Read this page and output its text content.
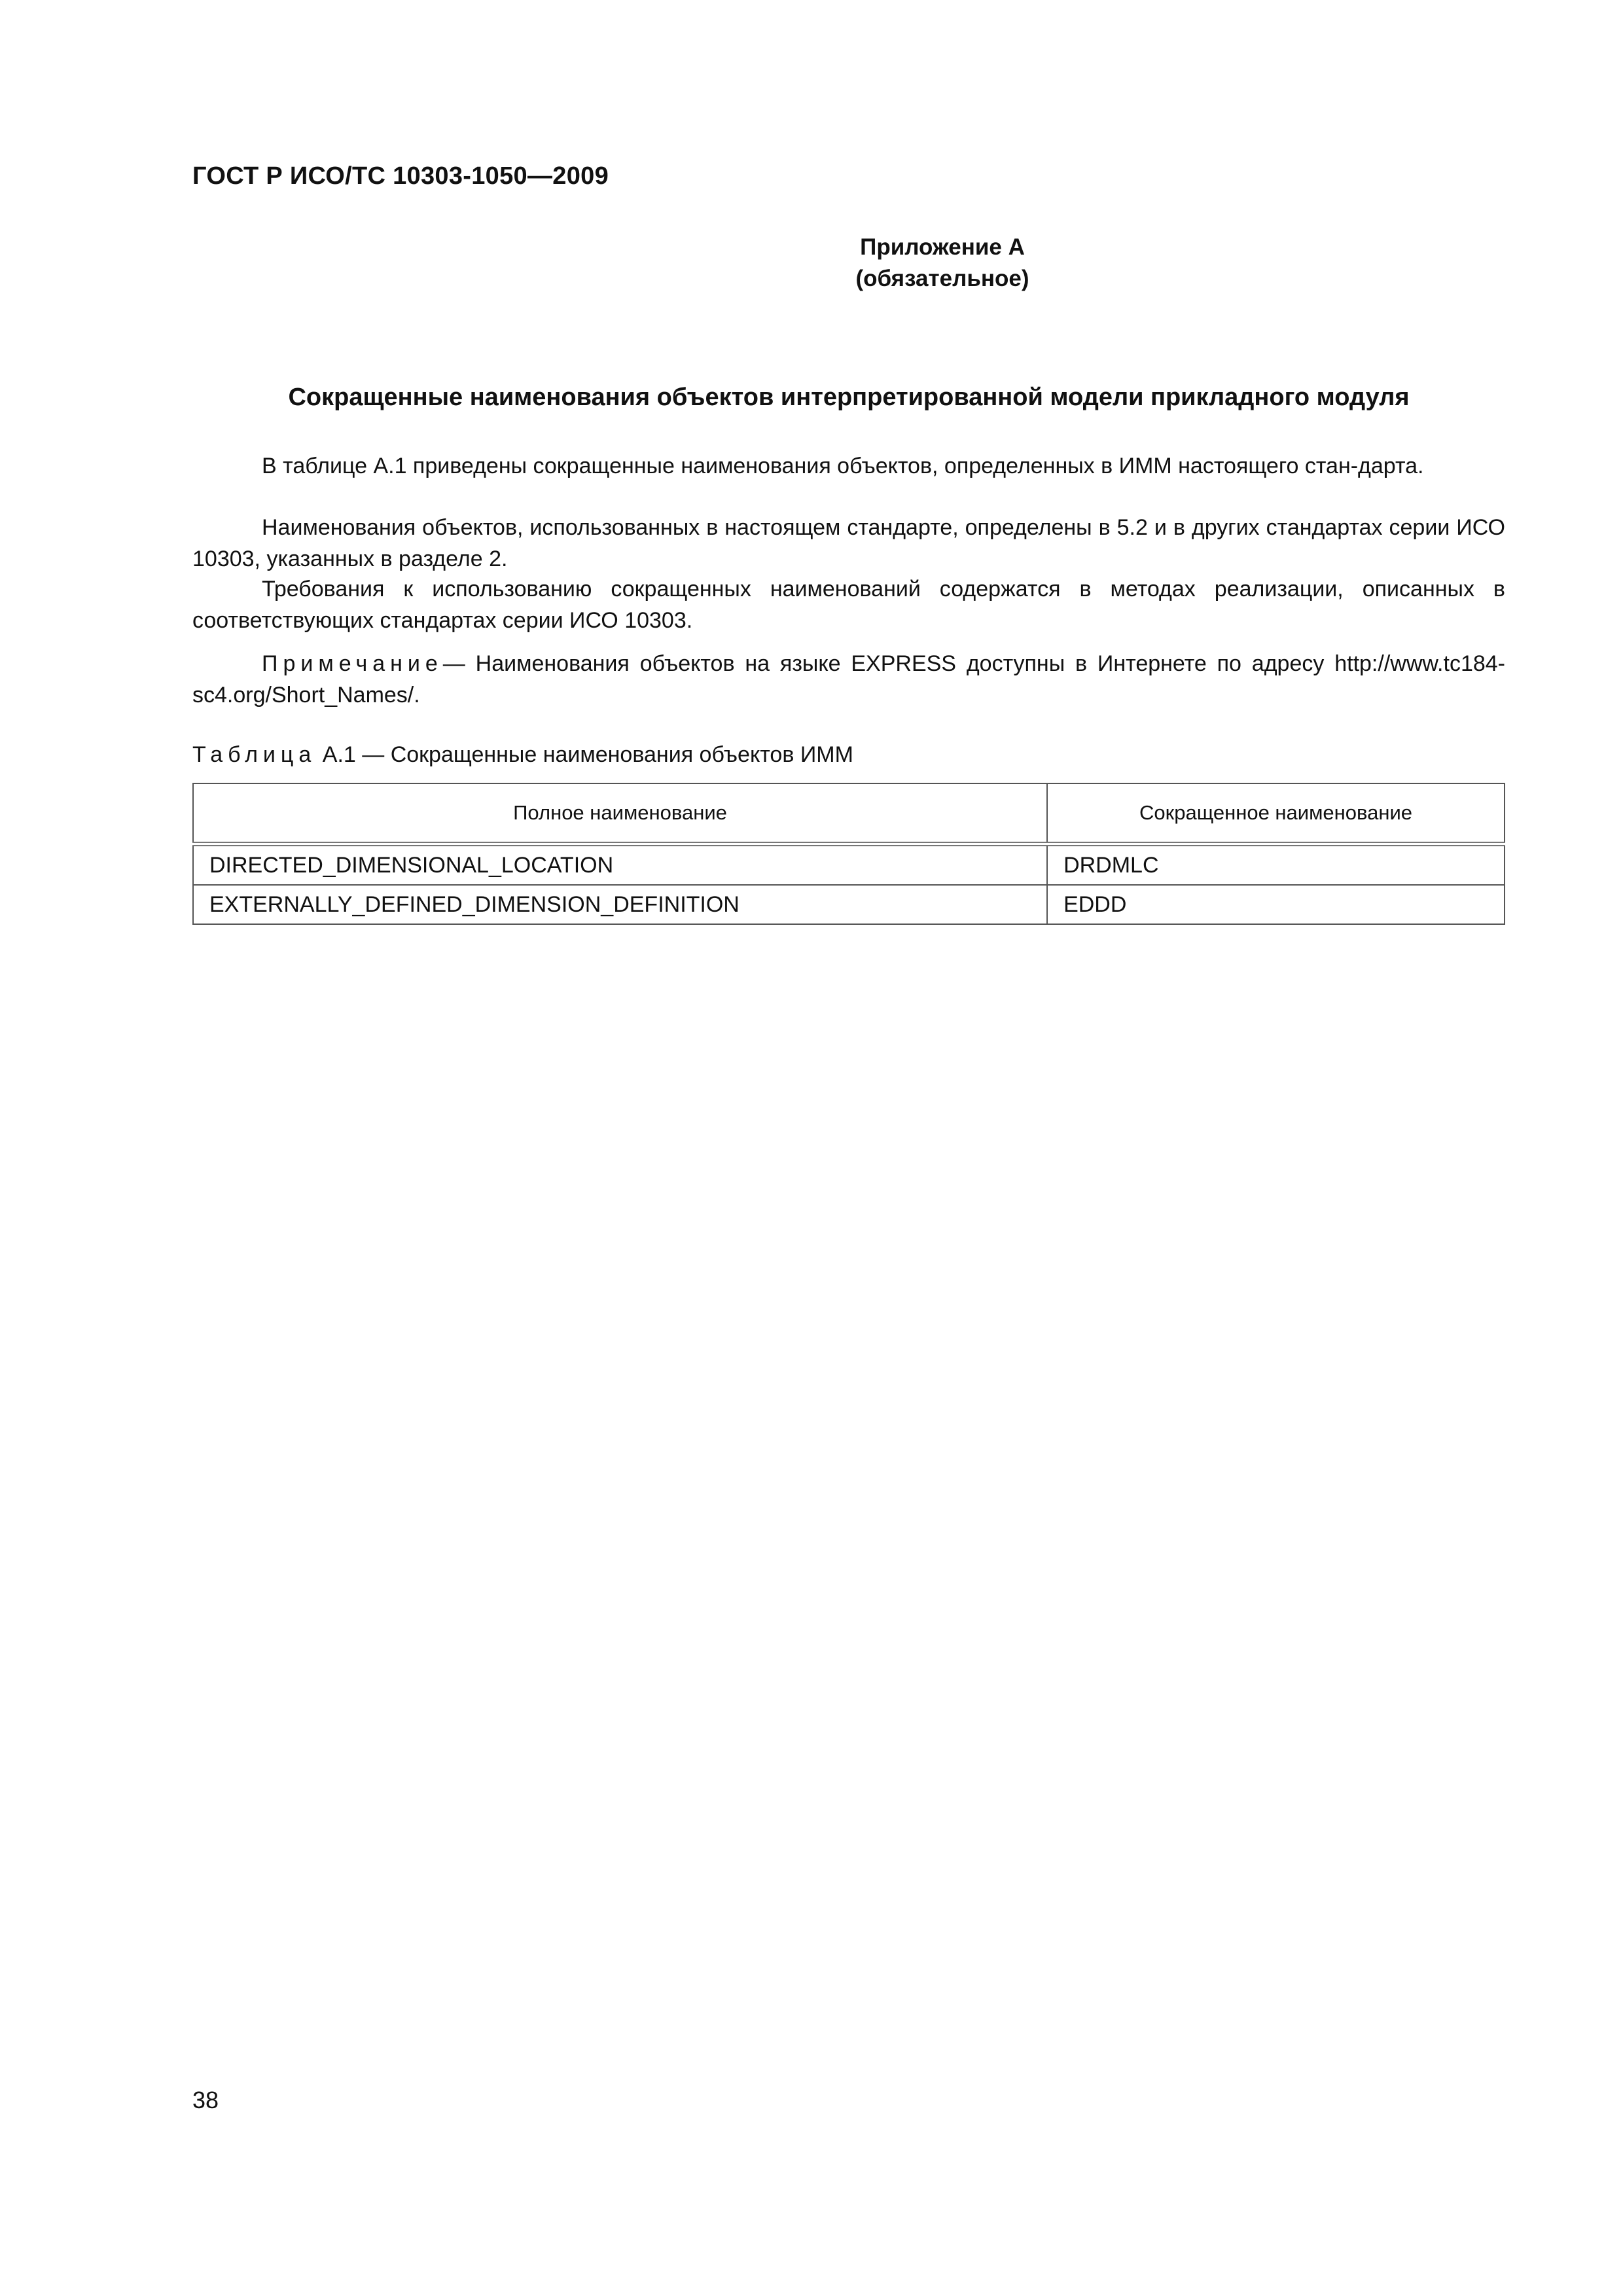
ГОСТ Р ИСО/ТС 10303-1050—2009
Приложение А
(обязательное)
Сокращенные наименования объектов интерпретированной модели прикладного модуля
В таблице А.1 приведены сокращенные наименования объектов, определенных в ИММ настоящего стан-дарта.
Наименования объектов, использованных в настоящем стандарте, определены в 5.2 и в других стандартах серии ИСО 10303, указанных в разделе 2.
Требования к использованию сокращенных наименований содержатся в методах реализации, описанных в соответствующих стандартах серии ИСО 10303.
Примечание— Наименования объектов на языке EXPRESS доступны в Интернете по адресу http://www.tc184-sc4.org/Short_Names/.
Таблица А.1 — Сокращенные наименования объектов ИММ
Полное наименование	Сокращенное наименование
DIRECTED_DIMENSIONAL_LOCATION	DRDMLC
EXTERNALLY_DEFINED_DIMENSION_DEFINITION	EDDD
38
